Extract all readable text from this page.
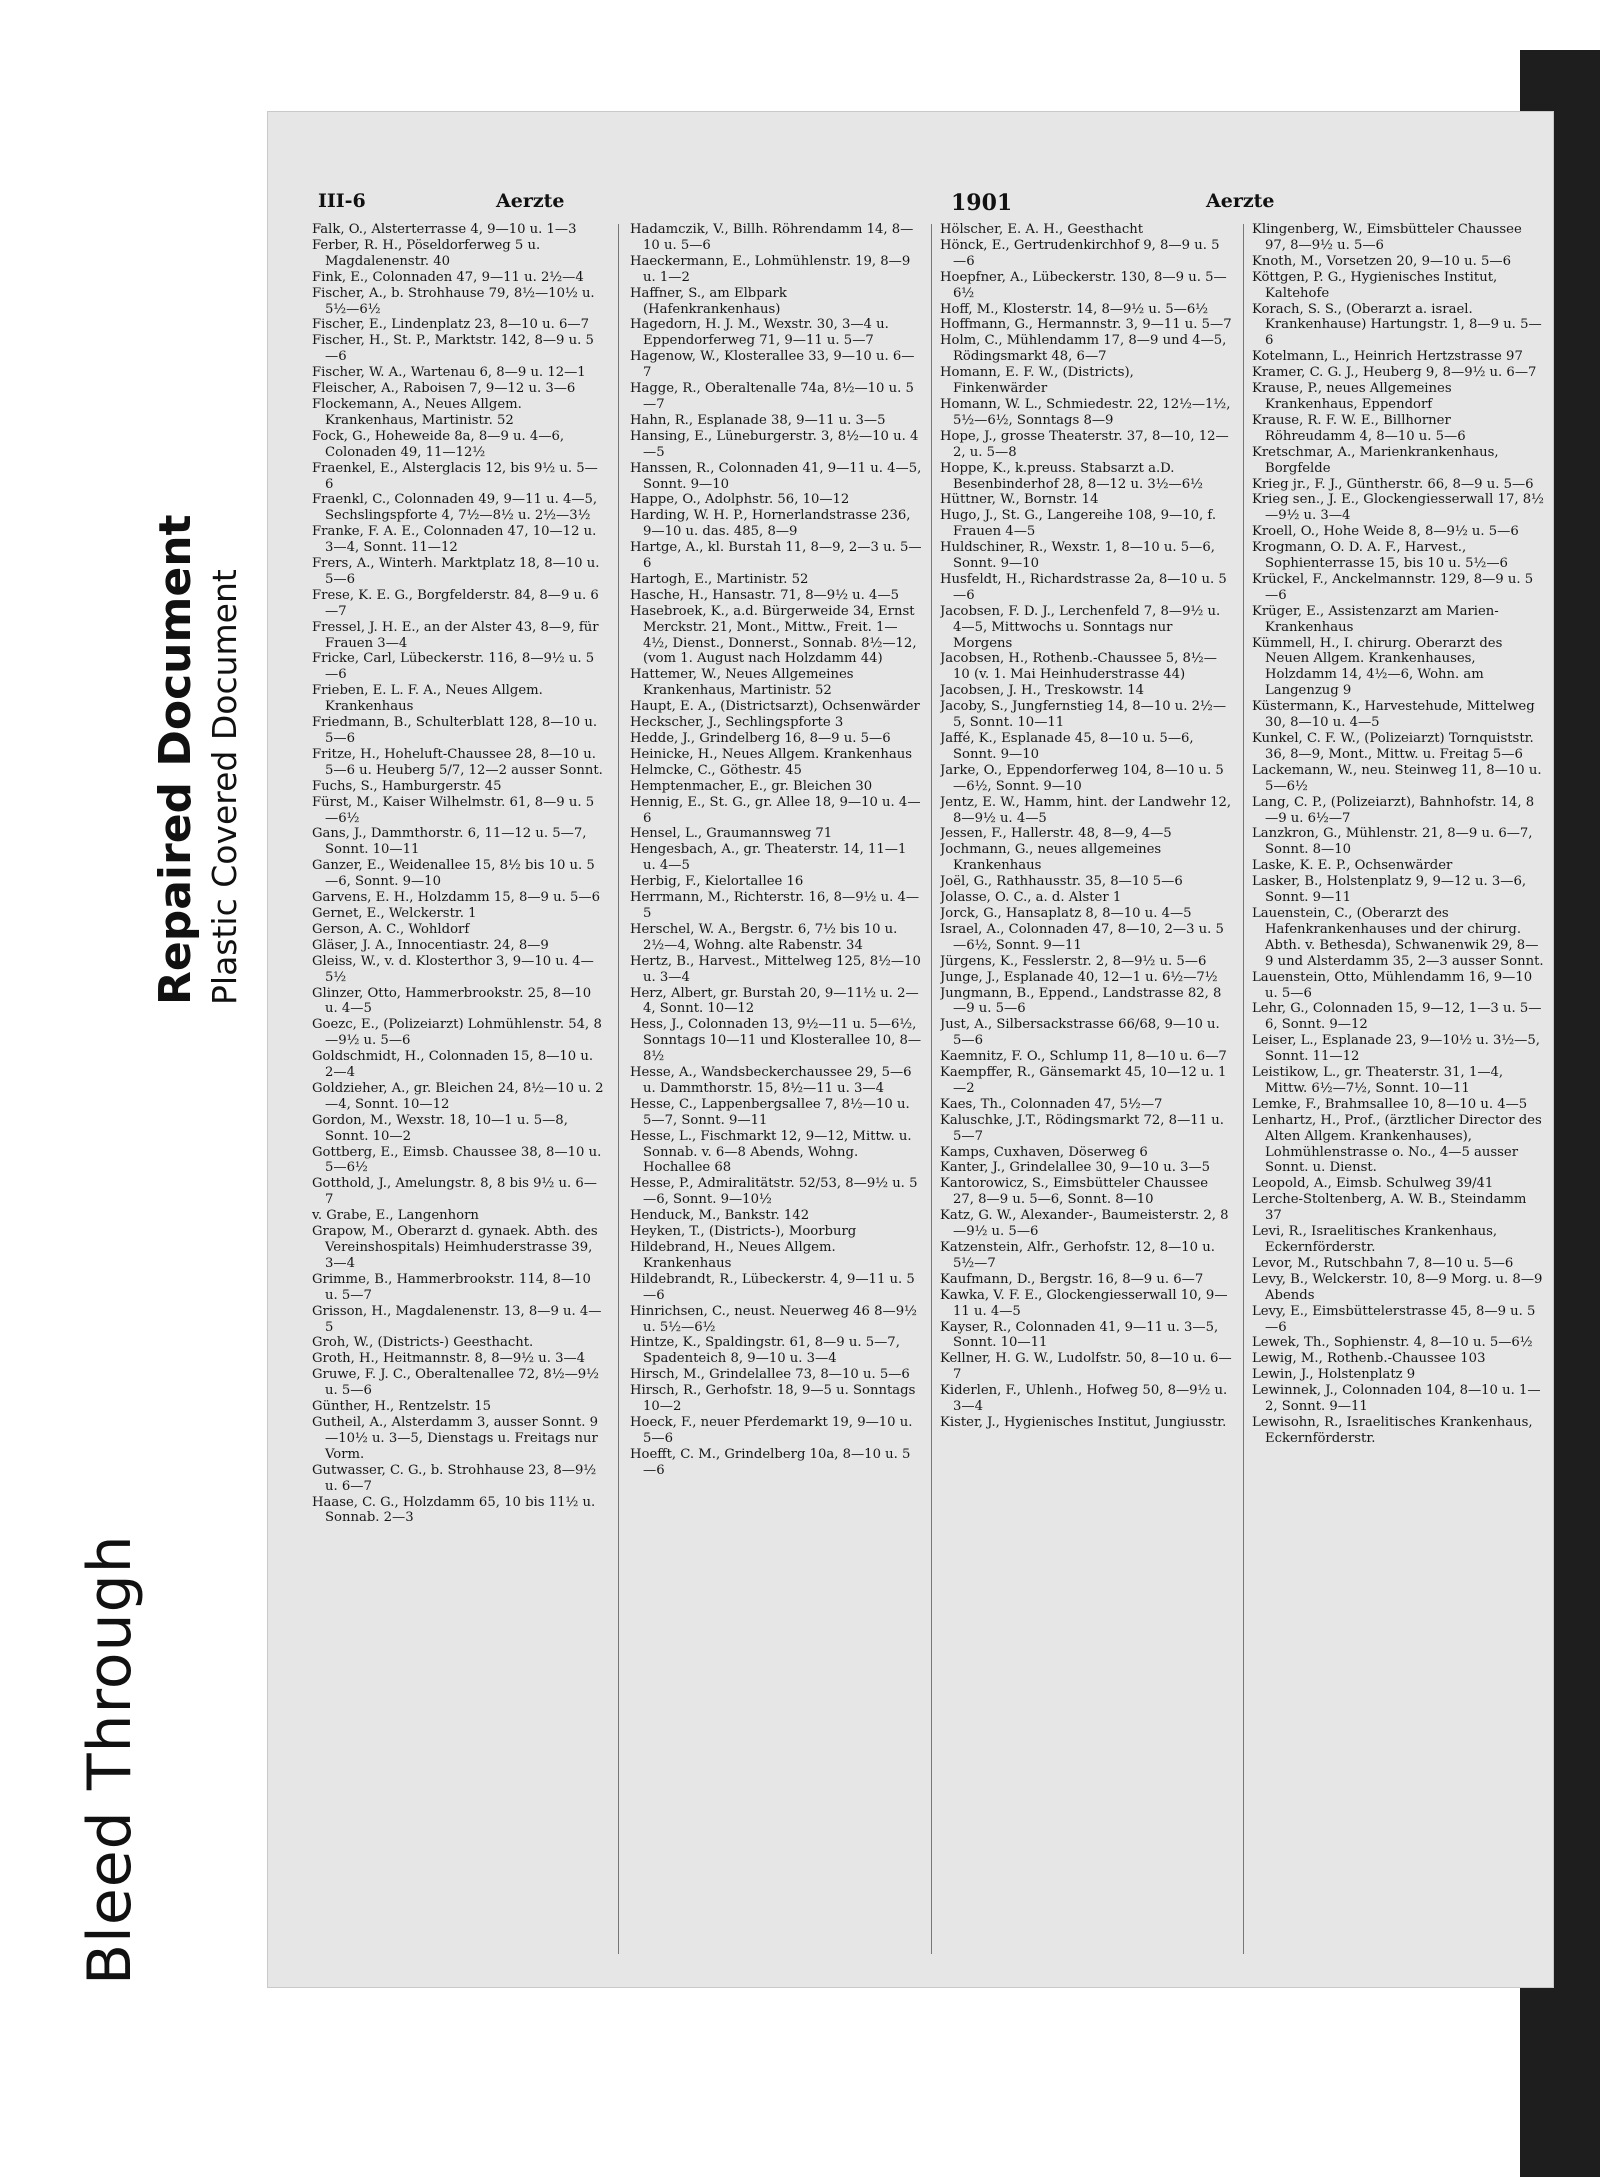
Bleed Through
Repaired Document Plastic Covered Document
III-6	Aerzte	1901	Aerzte

Falk, O., Alsterterrasse 4, 9—10 u. 1—3

Ferber, R. H., Pöseldorferweg 5 u. Magdalenenstr. 40

Fink, E., Colonnaden 47, 9—11 u. 2½—4

Fischer, A., b. Strohhause 79, 8½—10½ u. 5½—6½

Fischer, E., Lindenplatz 23, 8—10 u. 6—7

Fischer, H., St. P., Marktstr. 142, 8—9 u. 5—6

Fischer, W. A., Wartenau 6, 8—9 u. 12—1

Fleischer, A., Raboisen 7, 9—12 u. 3—6

Flockemann, A., Neues Allgem. Krankenhaus, Martinistr. 52

Fock, G., Hoheweide 8a, 8—9 u. 4—6, Colonaden 49, 11—12½

Fraenkel, E., Alsterglacis 12, bis 9½ u. 5—6

Fraenkl, C., Colonnaden 49, 9—11 u. 4—5, Sechslingspforte 4, 7½—8½ u. 2½—3½

Franke, F. A. E., Colonnaden 47, 10—12 u. 3—4, Sonnt. 11—12

Frers, A., Winterh. Marktplatz 18, 8—10 u. 5—6

Frese, K. E. G., Borgfelderstr. 84, 8—9 u. 6—7

Fressel, J. H. E., an der Alster 43, 8—9, für Frauen 3—4

Fricke, Carl, Lübeckerstr. 116, 8—9½ u. 5—6

Frieben, E. L. F. A., Neues Allgem. Krankenhaus

Friedmann, B., Schulterblatt 128, 8—10 u. 5—6

Fritze, H., Hoheluft-Chaussee 28, 8—10 u. 5—6 u. Heuberg 5/7, 12—2 ausser Sonnt.

Fuchs, S., Hamburgerstr. 45

Fürst, M., Kaiser Wilhelmstr. 61, 8—9 u. 5—6½

Gans, J., Dammthorstr. 6, 11—12 u. 5—7, Sonnt. 10—11

Ganzer, E., Weidenallee 15, 8½ bis 10 u. 5—6, Sonnt. 9—10

Garvens, E. H., Holzdamm 15, 8—9 u. 5—6

Gernet, E., Welckerstr. 1

Gerson, A. C., Wohldorf

Gläser, J. A., Innocentiastr. 24, 8—9

Gleiss, W., v. d. Klosterthor 3, 9—10 u. 4—5½

Glinzer, Otto, Hammerbrookstr. 25, 8—10 u. 4—5

Goezc, E., (Polizeiarzt) Lohmühlenstr. 54, 8—9½ u. 5—6

Goldschmidt, H., Colonnaden 15, 8—10 u. 2—4

Goldzieher, A., gr. Bleichen 24, 8½—10 u. 2—4, Sonnt. 10—12

Gordon, M., Wexstr. 18, 10—1 u. 5—8, Sonnt. 10—2

Gottberg, E., Eimsb. Chaussee 38, 8—10 u. 5—6½

Gotthold, J., Amelungstr. 8, 8 bis 9½ u. 6—7

v. Grabe, E., Langenhorn

Grapow, M., Oberarzt d. gynaek. Abth. des Vereinshospitals) Heimhuderstrasse 39, 3—4

Grimme, B., Hammerbrookstr. 114, 8—10 u. 5—7

Grisson, H., Magdalenenstr. 13, 8—9 u. 4—5

Groh, W., (Districts-) Geesthacht.

Groth, H., Heitmannstr. 8, 8—9½ u. 3—4

Gruwe, F. J. C., Oberaltenallee 72, 8½—9½ u. 5—6

Günther, H., Rentzelstr. 15

Gutheil, A., Alsterdamm 3, ausser Sonnt. 9—10½ u. 3—5, Dienstags u. Freitags nur Vorm.

Gutwasser, C. G., b. Strohhause 23, 8—9½ u. 6—7

Haase, C. G., Holzdamm 65, 10 bis 11½ u. Sonnab. 2—3

Hadamczik, V., Billh. Röhrendamm 14, 8—10 u. 5—6

Haeckermann, E., Lohmühlenstr. 19, 8—9 u. 1—2

Haffner, S., am Elbpark (Hafenkrankenhaus)

Hagedorn, H. J. M., Wexstr. 30, 3—4 u. Eppendorferweg 71, 9—11 u. 5—7

Hagenow, W., Klosterallee 33, 9—10 u. 6—7

Hagge, R., Oberaltenalle 74a, 8½—10 u. 5—7

Hahn, R., Esplanade 38, 9—11 u. 3—5

Hansing, E., Lüneburgerstr. 3, 8½—10 u. 4—5

Hanssen, R., Colonnaden 41, 9—11 u. 4—5, Sonnt. 9—10

Happe, O., Adolphstr. 56, 10—12

Harding, W. H. P., Hornerlandstrasse 236, 9—10 u. das. 485, 8—9

Hartge, A., kl. Burstah 11, 8—9, 2—3 u. 5—6

Hartogh, E., Martinistr. 52

Hasche, H., Hansastr. 71, 8—9½ u. 4—5

Hasebroek, K., a.d. Bürgerweide 34, Ernst Merckstr. 21, Mont., Mittw., Freit. 1—4½, Dienst., Donnerst., Sonnab. 8½—12, (vom 1. August nach Holzdamm 44)

Hattemer, W., Neues Allgemeines Krankenhaus, Martinistr. 52

Haupt, E. A., (Districtsarzt), Ochsenwärder

Heckscher, J., Sechlingspforte 3

Hedde, J., Grindelberg 16, 8—9 u. 5—6

Heinicke, H., Neues Allgem. Krankenhaus

Helmcke, C., Göthestr. 45

Hemptenmacher, E., gr. Bleichen 30

Hennig, E., St. G., gr. Allee 18, 9—10 u. 4—6

Hensel, L., Graumannsweg 71

Hengesbach, A., gr. Theaterstr. 14, 11—1 u. 4—5

Herbig, F., Kielortallee 16

Herrmann, M., Richterstr. 16, 8—9½ u. 4—5

Herschel, W. A., Bergstr. 6, 7½ bis 10 u. 2½—4, Wohng. alte Rabenstr. 34

Hertz, B., Harvest., Mittelweg 125, 8½—10 u. 3—4

Herz, Albert, gr. Burstah 20, 9—11½ u. 2—4, Sonnt. 10—12

Hess, J., Colonnaden 13, 9½—11 u. 5—6½, Sonntags 10—11 und Klosterallee 10, 8—8½

Hesse, A., Wandsbeckerchaussee 29, 5—6 u. Dammthorstr. 15, 8½—11 u. 3—4

Hesse, C., Lappenbergsallee 7, 8½—10 u. 5—7, Sonnt. 9—11

Hesse, L., Fischmarkt 12, 9—12, Mittw. u. Sonnab. v. 6—8 Abends, Wohng. Hochallee 68

Hesse, P., Admiralitätstr. 52/53, 8—9½ u. 5—6, Sonnt. 9—10½

Henduck, M., Bankstr. 142

Heyken, T., (Districts-), Moorburg

Hildebrand, H., Neues Allgem. Krankenhaus

Hildebrandt, R., Lübeckerstr. 4, 9—11 u. 5—6

Hinrichsen, C., neust. Neuerweg 46 8—9½ u. 5½—6½

Hintze, K., Spaldingstr. 61, 8—9 u. 5—7, Spadenteich 8, 9—10 u. 3—4

Hirsch, M., Grindelallee 73, 8—10 u. 5—6

Hirsch, R., Gerhofstr. 18, 9—5 u. Sonntags 10—2

Hoeck, F., neuer Pferdemarkt 19, 9—10 u. 5—6

Hoefft, C. M., Grindelberg 10a, 8—10 u. 5—6

Hölscher, E. A. H., Geesthacht

Hönck, E., Gertrudenkirchhof 9, 8—9 u. 5—6

Hoepfner, A., Lübeckerstr. 130, 8—9 u. 5—6½

Hoff, M., Klosterstr. 14, 8—9½ u. 5—6½

Hoffmann, G., Hermannstr. 3, 9—11 u. 5—7

Holm, C., Mühlendamm 17, 8—9 und 4—5, Rödingsmarkt 48, 6—7

Homann, E. F. W., (Districts), Finkenwärder

Homann, W. L., Schmiedestr. 22, 12½—1½, 5½—6½, Sonntags 8—9

Hope, J., grosse Theaterstr. 37, 8—10, 12—2, u. 5—8

Hoppe, K., k.preuss. Stabsarzt a.D. Besenbinderhof 28, 8—12 u. 3½—6½

Hüttner, W., Bornstr. 14

Hugo, J., St. G., Langereihe 108, 9—10, f. Frauen 4—5

Huldschiner, R., Wexstr. 1, 8—10 u. 5—6, Sonnt. 9—10

Husfeldt, H., Richardstrasse 2a, 8—10 u. 5—6

Jacobsen, F. D. J., Lerchenfeld 7, 8—9½ u. 4—5, Mittwochs u. Sonntags nur Morgens

Jacobsen, H., Rothenb.-Chaussee 5, 8½—10 (v. 1. Mai Heinhuderstrasse 44)

Jacobsen, J. H., Treskowstr. 14

Jacoby, S., Jungfernstieg 14, 8—10 u. 2½—5, Sonnt. 10—11

Jaffé, K., Esplanade 45, 8—10 u. 5—6, Sonnt. 9—10

Jarke, O., Eppendorferweg 104, 8—10 u. 5—6½, Sonnt. 9—10

Jentz, E. W., Hamm, hint. der Landwehr 12, 8—9½ u. 4—5

Jessen, F., Hallerstr. 48, 8—9, 4—5

Jochmann, G., neues allgemeines Krankenhaus

Joël, G., Rathhausstr. 35, 8—10 5—6

Jolasse, O. C., a. d. Alster 1

Jorck, G., Hansaplatz 8, 8—10 u. 4—5

Israel, A., Colonnaden 47, 8—10, 2—3 u. 5—6½, Sonnt. 9—11

Jürgens, K., Fesslerstr. 2, 8—9½ u. 5—6

Junge, J., Esplanade 40, 12—1 u. 6½—7½

Jungmann, B., Eppend., Landstrasse 82, 8—9 u. 5—6

Just, A., Silbersackstrasse 66/68, 9—10 u. 5—6

Kaemnitz, F. O., Schlump 11, 8—10 u. 6—7

Kaempffer, R., Gänsemarkt 45, 10—12 u. 1—2

Kaes, Th., Colonnaden 47, 5½—7

Kaluschke, J.T., Rödingsmarkt 72, 8—11 u. 5—7

Kamps, Cuxhaven, Döserweg 6

Kanter, J., Grindelallee 30, 9—10 u. 3—5

Kantorowicz, S., Eimsbütteler Chaussee 27, 8—9 u. 5—6, Sonnt. 8—10

Katz, G. W., Alexander-, Baumeisterstr. 2, 8—9½ u. 5—6

Katzenstein, Alfr., Gerhofstr. 12, 8—10 u. 5½—7

Kaufmann, D., Bergstr. 16, 8—9 u. 6—7

Kawka, V. F. E., Glockengiesserwall 10, 9—11 u. 4—5

Kayser, R., Colonnaden 41, 9—11 u. 3—5, Sonnt. 10—11

Kellner, H. G. W., Ludolfstr. 50, 8—10 u. 6—7

Kiderlen, F., Uhlenh., Hofweg 50, 8—9½ u. 3—4

Kister, J., Hygienisches Institut, Jungiusstr.

Klingenberg, W., Eimsbütteler Chaussee 97, 8—9½ u. 5—6

Knoth, M., Vorsetzen 20, 9—10 u. 5—6

Köttgen, P. G., Hygienisches Institut, Kaltehofe

Korach, S. S., (Oberarzt a. israel. Krankenhause) Hartungstr. 1, 8—9 u. 5—6

Kotelmann, L., Heinrich Hertzstrasse 97

Kramer, C. G. J., Heuberg 9, 8—9½ u. 6—7

Krause, P., neues Allgemeines Krankenhaus, Eppendorf

Krause, R. F. W. E., Billhorner Röhreudamm 4, 8—10 u. 5—6

Kretschmar, A., Marienkrankenhaus, Borgfelde

Krieg jr., F. J., Güntherstr. 66, 8—9 u. 5—6

Krieg sen., J. E., Glockengiesserwall 17, 8½—9½ u. 3—4

Kroell, O., Hohe Weide 8, 8—9½ u. 5—6

Krogmann, O. D. A. F., Harvest., Sophienterrasse 15, bis 10 u. 5½—6

Krückel, F., Anckelmannstr. 129, 8—9 u. 5—6

Krüger, E., Assistenzarzt am Marien-Krankenhaus

Kümmell, H., I. chirurg. Oberarzt des Neuen Allgem. Krankenhauses, Holzdamm 14, 4½—6, Wohn. am Langenzug 9

Küstermann, K., Harvestehude, Mittelweg 30, 8—10 u. 4—5

Kunkel, C. F. W., (Polizeiarzt) Tornquiststr. 36, 8—9, Mont., Mittw. u. Freitag 5—6

Lackemann, W., neu. Steinweg 11, 8—10 u. 5—6½

Lang, C. P., (Polizeiarzt), Bahnhofstr. 14, 8—9 u. 6½—7

Lanzkron, G., Mühlenstr. 21, 8—9 u. 6—7, Sonnt. 8—10

Laske, K. E. P., Ochsenwärder

Lasker, B., Holstenplatz 9, 9—12 u. 3—6, Sonnt. 9—11

Lauenstein, C., (Oberarzt des Hafenkrankenhauses und der chirurg. Abth. v. Bethesda), Schwanenwik 29, 8—9 und Alsterdamm 35, 2—3 ausser Sonnt.

Lauenstein, Otto, Mühlendamm 16, 9—10 u. 5—6

Lehr, G., Colonnaden 15, 9—12, 1—3 u. 5—6, Sonnt. 9—12

Leiser, L., Esplanade 23, 9—10½ u. 3½—5, Sonnt. 11—12

Leistikow, L., gr. Theaterstr. 31, 1—4, Mittw. 6½—7½, Sonnt. 10—11

Lemke, F., Brahmsallee 10, 8—10 u. 4—5

Lenhartz, H., Prof., (ärztlicher Director des Alten Allgem. Krankenhauses), Lohmühlenstrasse o. No., 4—5 ausser Sonnt. u. Dienst.

Leopold, A., Eimsb. Schulweg 39/41

Lerche-Stoltenberg, A. W. B., Steindamm 37

Levi, R., Israelitisches Krankenhaus, Eckernförderstr.

Levor, M., Rutschbahn 7, 8—10 u. 5—6

Levy, B., Welckerstr. 10, 8—9 Morg. u. 8—9 Abends

Levy, E., Eimsbüttelerstrasse 45, 8—9 u. 5—6

Lewek, Th., Sophienstr. 4, 8—10 u. 5—6½

Lewig, M., Rothenb.-Chaussee 103

Lewin, J., Holstenplatz 9

Lewinnek, J., Colonnaden 104, 8—10 u. 1—2, Sonnt. 9—11

Lewisohn, R., Israelitisches Krankenhaus, Eckernförderstr.
